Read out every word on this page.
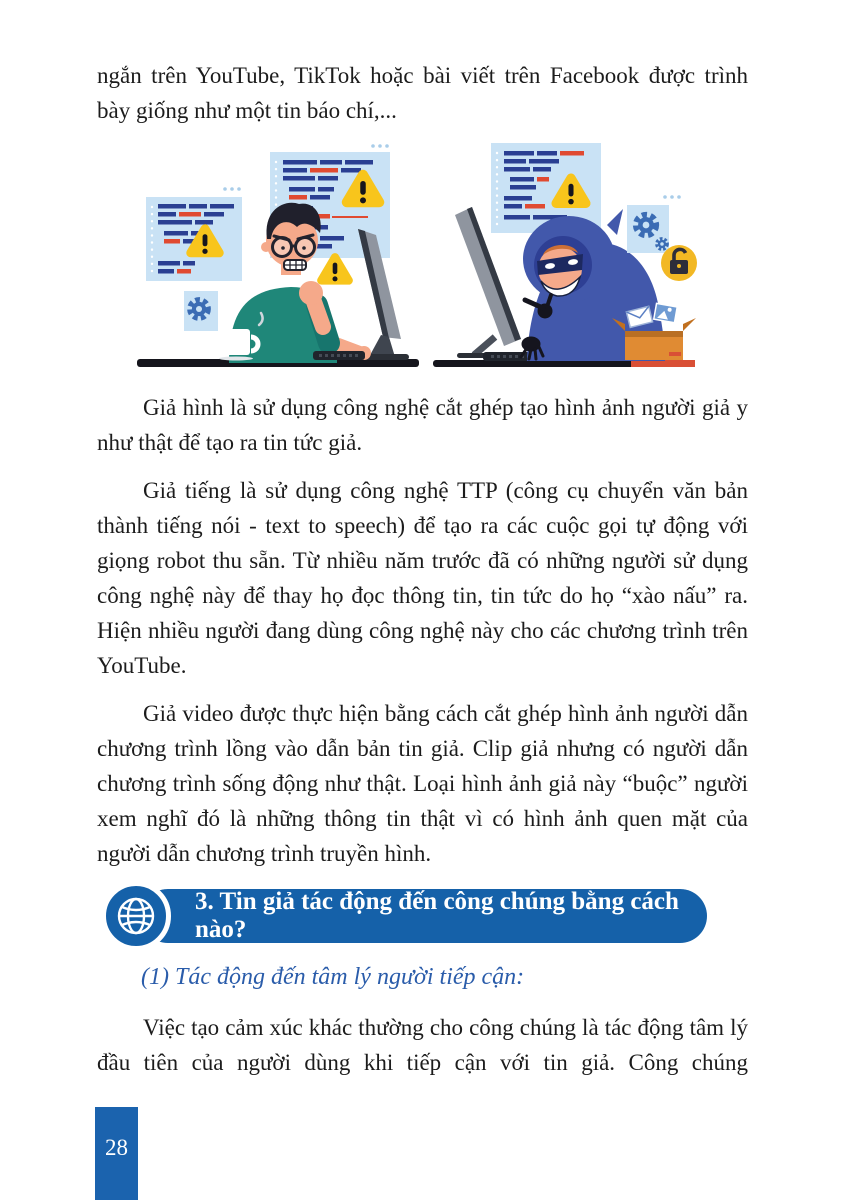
ngắn trên YouTube, TikTok hoặc bài viết trên Facebook được trình bày giống như một tin báo chí,...

Giả hình là sử dụng công nghệ cắt ghép tạo hình ảnh người giả y như thật để tạo ra tin tức giả.

Giả tiếng là sử dụng công nghệ TTP (công cụ chuyển văn bản thành tiếng nói - text to speech) để tạo ra các cuộc gọi tự động với giọng robot thu sẵn. Từ nhiều năm trước đã có những người sử dụng công nghệ này để thay họ đọc thông tin, tin tức do họ “xào nấu” ra. Hiện nhiều người đang dùng công nghệ này cho các chương trình trên YouTube.

Giả video được thực hiện bằng cách cắt ghép hình ảnh người dẫn chương trình lồng vào dẫn bản tin giả. Clip giả nhưng có người dẫn chương trình sống động như thật. Loại hình ảnh giả này “buộc” người xem nghĩ đó là những thông tin thật vì có hình ảnh quen mặt của người dẫn chương trình truyền hình.

3. Tin giả tác động đến công chúng bằng cách nào?

(1) Tác động đến tâm lý người tiếp cận:

Việc tạo cảm xúc khác thường cho công chúng là tác động tâm lý đầu tiên của người dùng khi tiếp cận với tin giả. Công chúng

28
